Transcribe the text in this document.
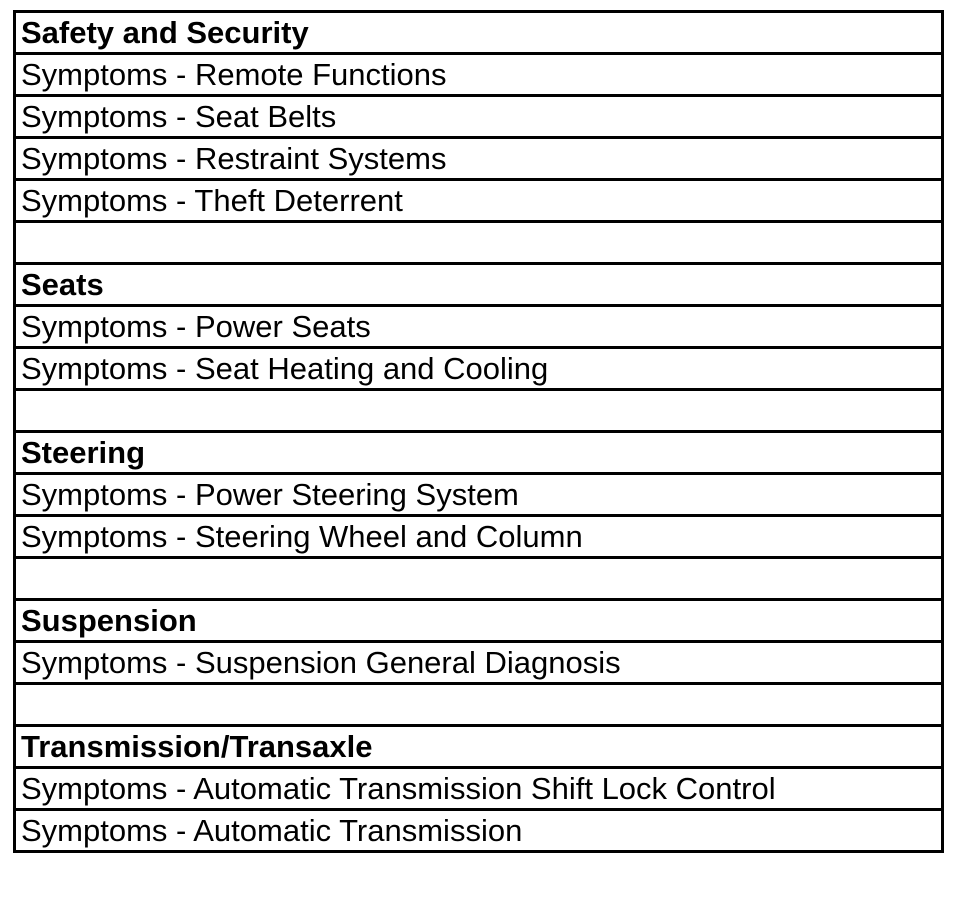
Safety and Security
Symptoms - Remote Functions
Symptoms - Seat Belts
Symptoms - Restraint Systems
Symptoms - Theft Deterrent

Seats
Symptoms - Power Seats
Symptoms - Seat Heating and Cooling

Steering
Symptoms - Power Steering System
Symptoms - Steering Wheel and Column

Suspension
Symptoms - Suspension General Diagnosis

Transmission/Transaxle
Symptoms - Automatic Transmission Shift Lock Control
Symptoms - Automatic Transmission
